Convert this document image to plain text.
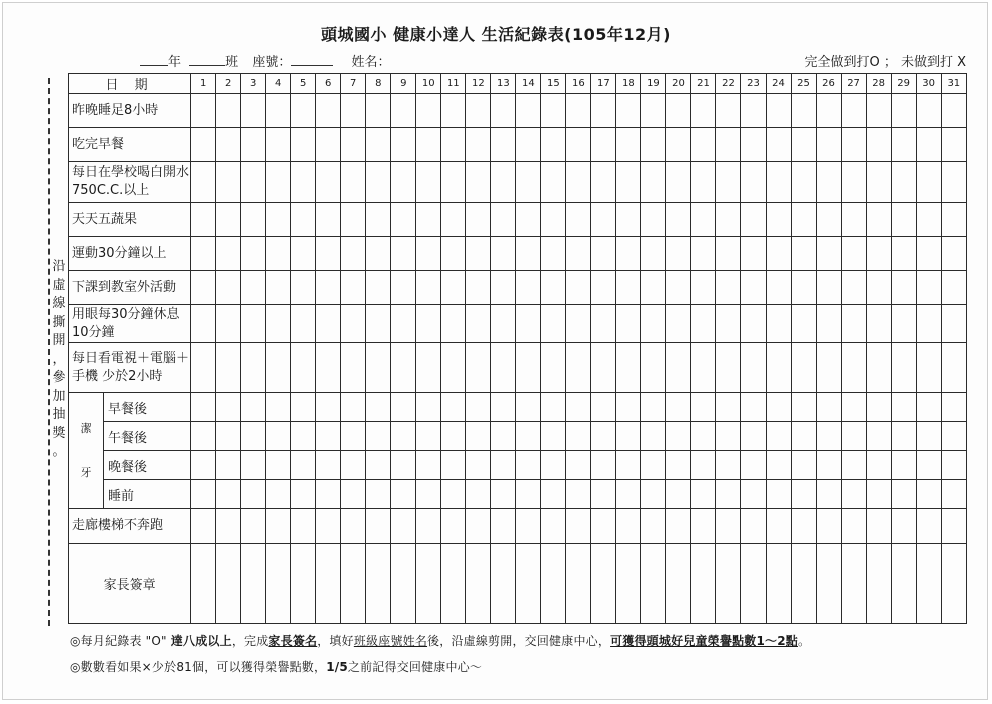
頭城國小 健康小達人 生活紀錄表(105年12月)
年	班 座號：	姓名：	完全做到打O ； 未做到打 X
沿
虛
線
撕
開
，
參
加
抽
獎
。
日 期		1	2	3	4	5	6	7	8	9	10	11	12	13	14	15	16	17	18	19	20	21	22	23	24	25	26	27	28	29	30	31
昨晚睡足8小時																																
吃完早餐																																
每日在學校喝白開水750C.C.以上																																
天天五蔬果																																
運動30分鐘以上																																
下課到教室外活動																																
用眼每30分鐘休息10分鐘																																
每日看電視＋電腦＋手機 少於2小時																																
潔

牙	早餐後																															
	午餐後																															
	晚餐後																															
	睡前																															
走廊樓梯不奔跑																																
家長簽章																																
◎每月紀錄表 "O" 達八成以上，完成家長簽名，填好班級座號姓名後，沿虛線剪開，交回健康中心，可獲得頭城好兒童榮譽點數1～2點。
◎數數看如果×少於81個，可以獲得榮譽點數，1/5之前記得交回健康中心～
